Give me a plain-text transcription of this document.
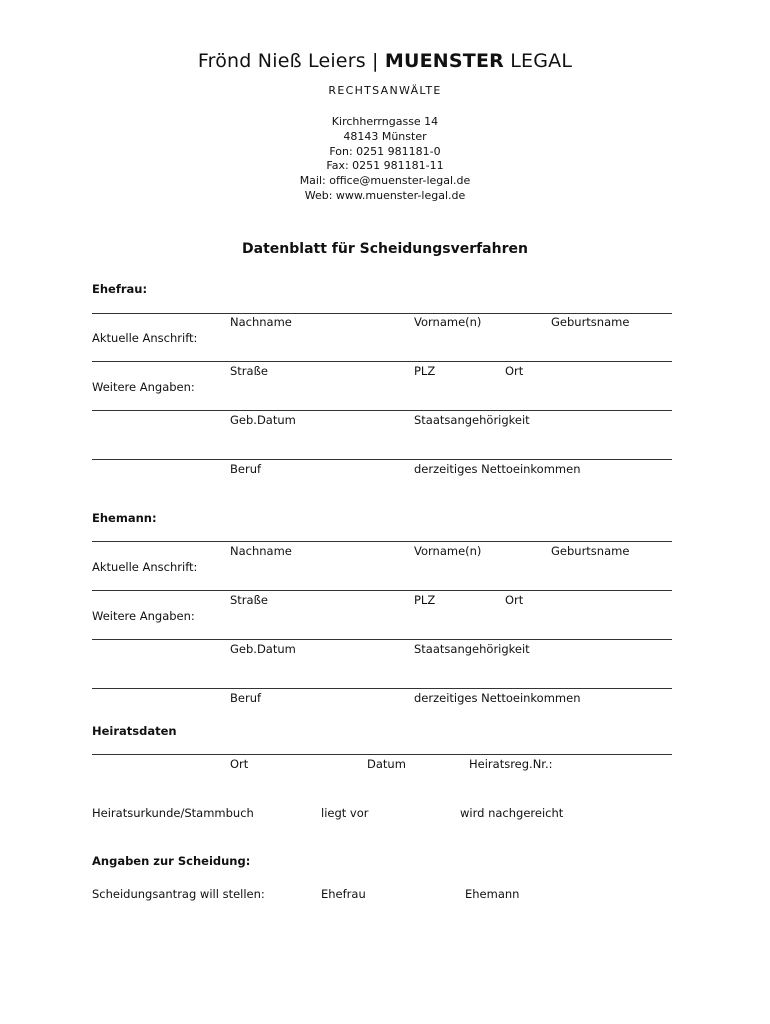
Frönd Nieß Leiers | MUENSTER LEGAL
RECHTSANWÄLTE
Kirchherrngasse 14
48143 Münster
Fon: 0251 981181-0
Fax: 0251 981181-11
Mail: office@muenster-legal.de
Web: www.muenster-legal.de
Datenblatt für Scheidungsverfahren
Ehefrau:
Nachname	Vorname(n)	Geburtsname
Aktuelle Anschrift:
Straße	PLZ	Ort
Weitere Angaben:
Geb.Datum	Staatsangehörigkeit
Beruf	derzeitiges Nettoeinkommen
Ehemann:
Nachname	Vorname(n)	Geburtsname
Aktuelle Anschrift:
Straße	PLZ	Ort
Weitere Angaben:
Geb.Datum	Staatsangehörigkeit
Beruf	derzeitiges Nettoeinkommen
Heiratsdaten
Ort	Datum	Heiratsreg.Nr.:
Heiratsurkunde/Stammbuch	liegt vor	wird nachgereicht
Angaben zur Scheidung:
Scheidungsantrag will stellen:	Ehefrau	Ehemann
